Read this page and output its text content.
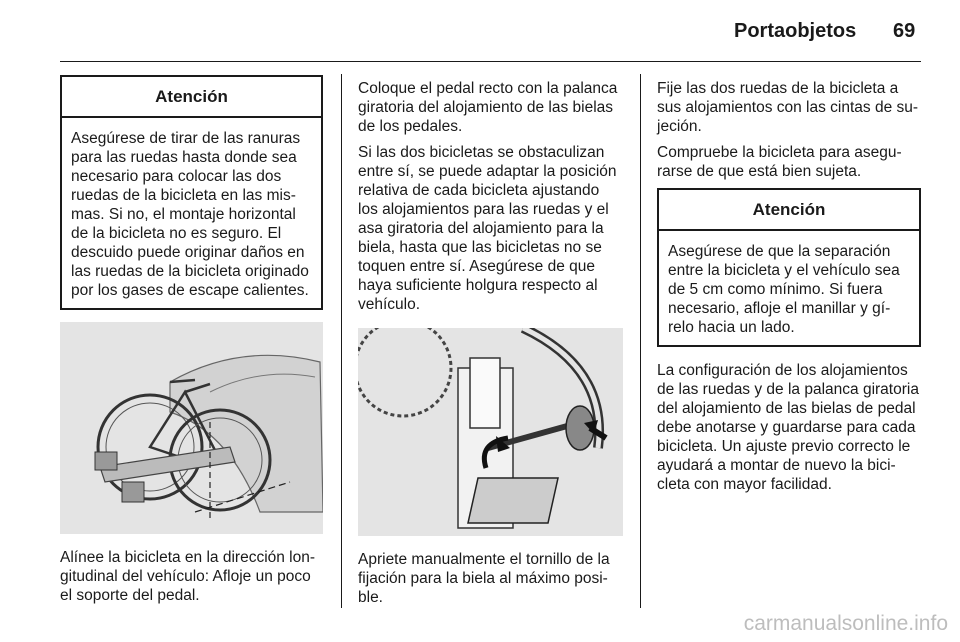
Portaobjetos 69
Atención
Asegúrese de tirar de las ranuras para las ruedas hasta donde sea necesario para colocar las dos ruedas de la bicicleta en las mis- mas. Si no, el montaje horizontal de la bicicleta no es seguro. El descuido puede originar daños en las ruedas de la bicicleta originado por los gases de escape calientes.

Alínee la bicicleta en la dirección lon- gitudinal del vehículo: Afloje un poco el soporte del pedal.

Coloque el pedal recto con la palanca giratoria del alojamiento de las bielas de los pedales.

Si las dos bicicletas se obstaculizan entre sí, se puede adaptar la posición relativa de cada bicicleta ajustando los alojamientos para las ruedas y el asa giratoria del alojamiento para la biela, hasta que las bicicletas no se toquen entre sí. Asegúrese de que haya suficiente holgura respecto al vehículo.

Apriete manualmente el tornillo de la fijación para la biela al máximo posi- ble.

Fije las dos ruedas de la bicicleta a sus alojamientos con las cintas de su- jeción.

Compruebe la bicicleta para asegu- rarse de que está bien sujeta.

Atención
Asegúrese de que la separación entre la bicicleta y el vehículo sea de 5 cm como mínimo. Si fuera necesario, afloje el manillar y gí- relo hacia un lado.

La configuración de los alojamientos de las ruedas y de la palanca giratoria del alojamiento de las bielas de pedal debe anotarse y guardarse para cada bicicleta. Un ajuste previo correcto le ayudará a montar de nuevo la bici- cleta con mayor facilidad.

carmanualsonline.info
